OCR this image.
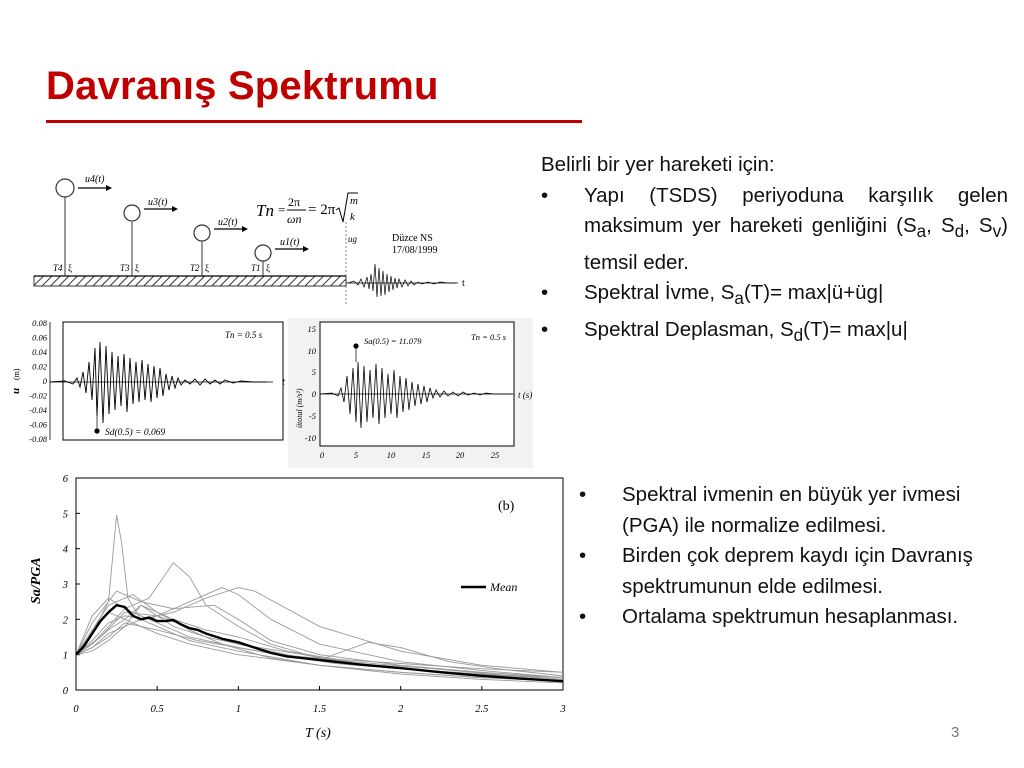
Davranış Spektrumu
u4(t)
T4 ξ
u3(t)
T3 ξ
u2(t)
T2 ξ
u1(t)
T1 ξ
Tn = 2π
ωn
= 2π
m
k
ug	Düzce NS
17/08/1999
t
0.08
0.06
0.04
0.02
0
-0.02
-0.04
-0.06
-0.08
t
u
(m)
Tn = 0.5 s
Sd(0.5) = 0.069
15
10
5
0
-5
-10
0	5	10	15	20	25
t (s)
ütotal (m/s²)
Tn = 0.5 s
Sa(0.5) = 11.079
0
1
2
3
4
5
6
0	0.5	1	1.5	2	2.5	3
(b)
Mean
Sa/PGA
T (s)

Belirli bir yer hareketi için:

•	Yapı (TSDS) periyoduna karşılık gelen maksimum yer hareketi genliğini ($S_a$, $S_d$, $S_v$) temsil eder.
•	Spektral İvme, $S_a(T)=$ max|ü+üg|
•	Spektral Deplasman, $S_d(T)= \max|u|$
•	Spektral ivmenin en büyük yer ivmesi (PGA) ile normalize edilmesi.
•	Birden çok deprem kaydı için Davranış spektrumunun elde edilmesi.
•	Ortalama spektrumun hesaplanması.
3
